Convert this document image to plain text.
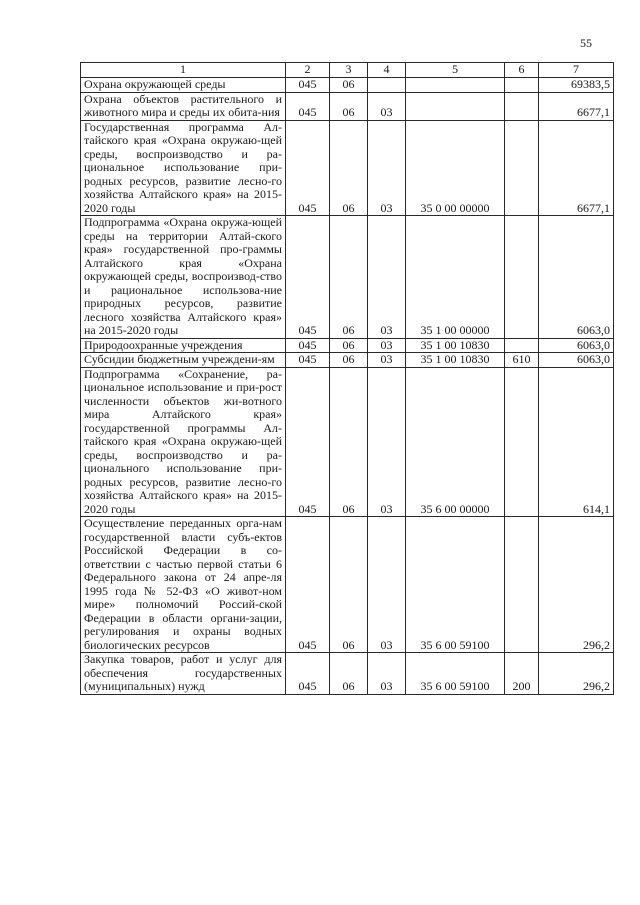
55
1	2	3	4	5	6	7
Охрана окружающей среды	045	06				69383,5
Охрана объектов растительного и животного мира и среды их обита-ния	045	06	03			6677,1
Государственная программа Ал-тайского края «Охрана окружаю-щей среды, воспроизводство и ра-циональное использование при-родных ресурсов, развитие лесно-го хозяйства Алтайского края» на 2015-2020 годы	045	06	03	35 0 00 00000		6677,1
Подпрограмма «Охрана окружа-ющей среды на территории Алтай-ского края» государственной про-граммы Алтайского края «Охрана окружающей среды, воспроизвод-ство и рациональное использова-ние природных ресурсов, развитие лесного хозяйства Алтайского края» на 2015-2020 годы	045	06	03	35 1 00 00000		6063,0
Природоохранные учреждения	045	06	03	35 1 00 10830		6063,0
Субсидии бюджетным учреждени-ям	045	06	03	35 1 00 10830	610	6063,0
Подпрограмма «Сохранение, ра-циональное использование и при-рост численности объектов жи-вотного мира Алтайского края» государственной программы Ал-тайского края «Охрана окружаю-щей среды, воспроизводство и ра-ционального использование при-родных ресурсов, развитие лесно-го хозяйства Алтайского края» на 2015-2020 годы	045	06	03	35 6 00 00000		614,1
Осуществление переданных орга-нам государственной власти субъ-ектов Российской Федерации в со-ответствии с частью первой статьи 6 Федерального закона от 24 апре-ля 1995 года № 52-ФЗ «О живот-ном мире» полномочий Россий-ской Федерации в области органи-зации, регулирования и охраны водных биологических ресурсов	045	06	03	35 6 00 59100		296,2
Закупка товаров, работ и услуг для обеспечения государственных (муниципальных) нужд	045	06	03	35 6 00 59100	200	296,2
